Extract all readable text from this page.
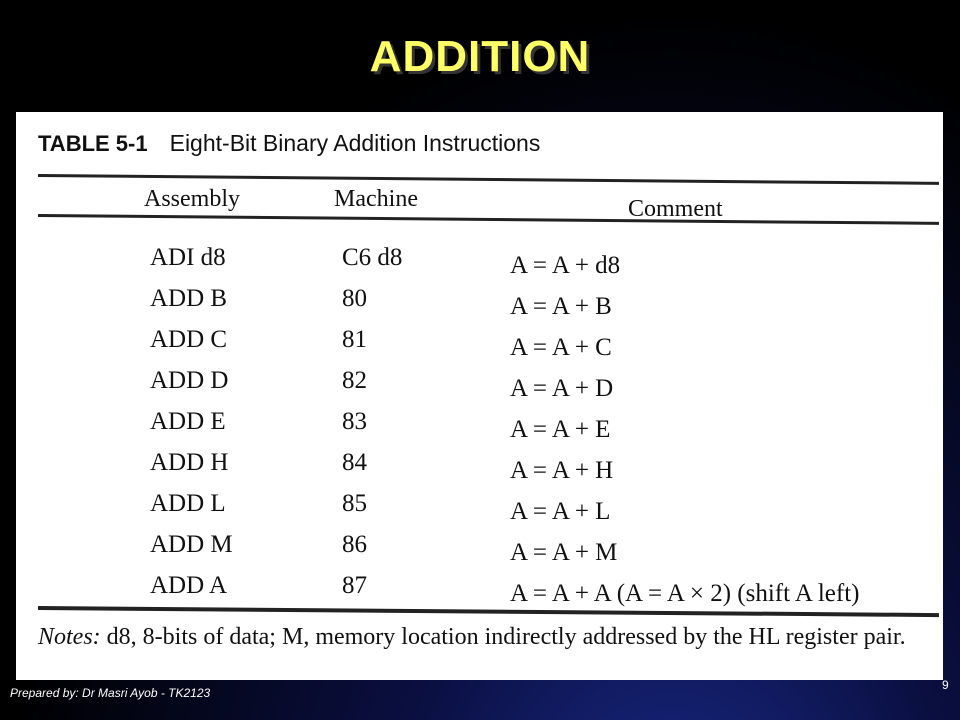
ADDITION
TABLE 5-1 Eight-Bit Binary Addition Instructions
Assembly	Machine	Comment
ADI d8	C6 d8	A = A + d8
ADD B	80	A = A + B
ADD C	81	A = A + C
ADD D	82	A = A + D
ADD E	83	A = A + E
ADD H	84	A = A + H
ADD L	85	A = A + L
ADD M	86	A = A + M
ADD A	87	A = A + A (A = A × 2) (shift A left)
Notes: d8, 8-bits of data; M, memory location indirectly addressed by the HL register pair.
Prepared by: Dr Masri Ayob - TK2123
9
